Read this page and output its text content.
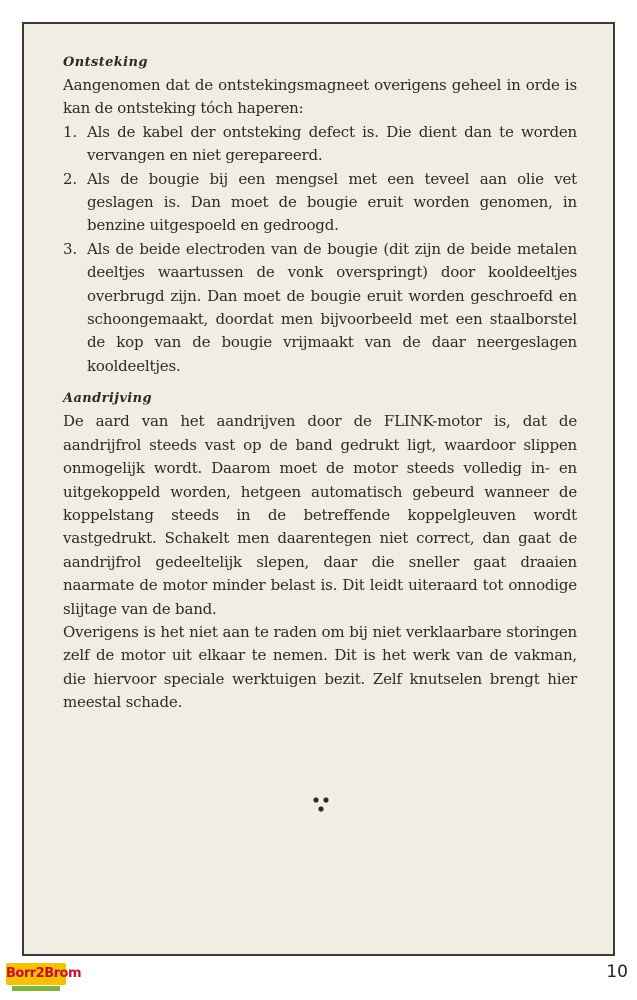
Ontsteking

Aangenomen dat de ontstekingsmagneet overigens geheel in orde is kan de ontsteking tóch haperen:

1. Als de kabel der ontsteking defect is. Die dient dan te worden vervangen en niet gerepareerd.
2. Als de bougie bij een mengsel met een teveel aan olie vet geslagen is. Dan moet de bougie eruit worden genomen, in benzine uitgespoeld en gedroogd.
3. Als de beide electroden van de bougie (dit zijn de beide metalen deeltjes waartussen de vonk overspringt) door kooldeeltjes overbrugd zijn. Dan moet de bougie eruit worden geschroefd en schoongemaakt, doordat men bijvoorbeeld met een staalborstel de kop van de bougie vrijmaakt van de daar neergeslagen kooldeeltjes.
Aandrijving

De aard van het aandrijven door de FLINK-motor is, dat de aandrijfrol steeds vast op de band gedrukt ligt, waardoor slippen onmogelijk wordt. Daarom moet de motor steeds volledig in- en uitgekoppeld worden, hetgeen automatisch gebeurd wanneer de koppelstang steeds in de betreffende koppelgleuven wordt vastgedrukt. Schakelt men daarentegen niet correct, dan gaat de aandrijfrol gedeeltelijk slepen, daar die sneller gaat draaien naarmate de motor minder belast is. Dit leidt uiteraard tot onnodige slijtage van de band.

Overigens is het niet aan te raden om bij niet verklaarbare storingen zelf de motor uit elkaar te nemen. Dit is het werk van de vakman, die hiervoor speciale werktuigen bezit. Zelf knutselen brengt hier meestal schade.

Borr2Brom	10
